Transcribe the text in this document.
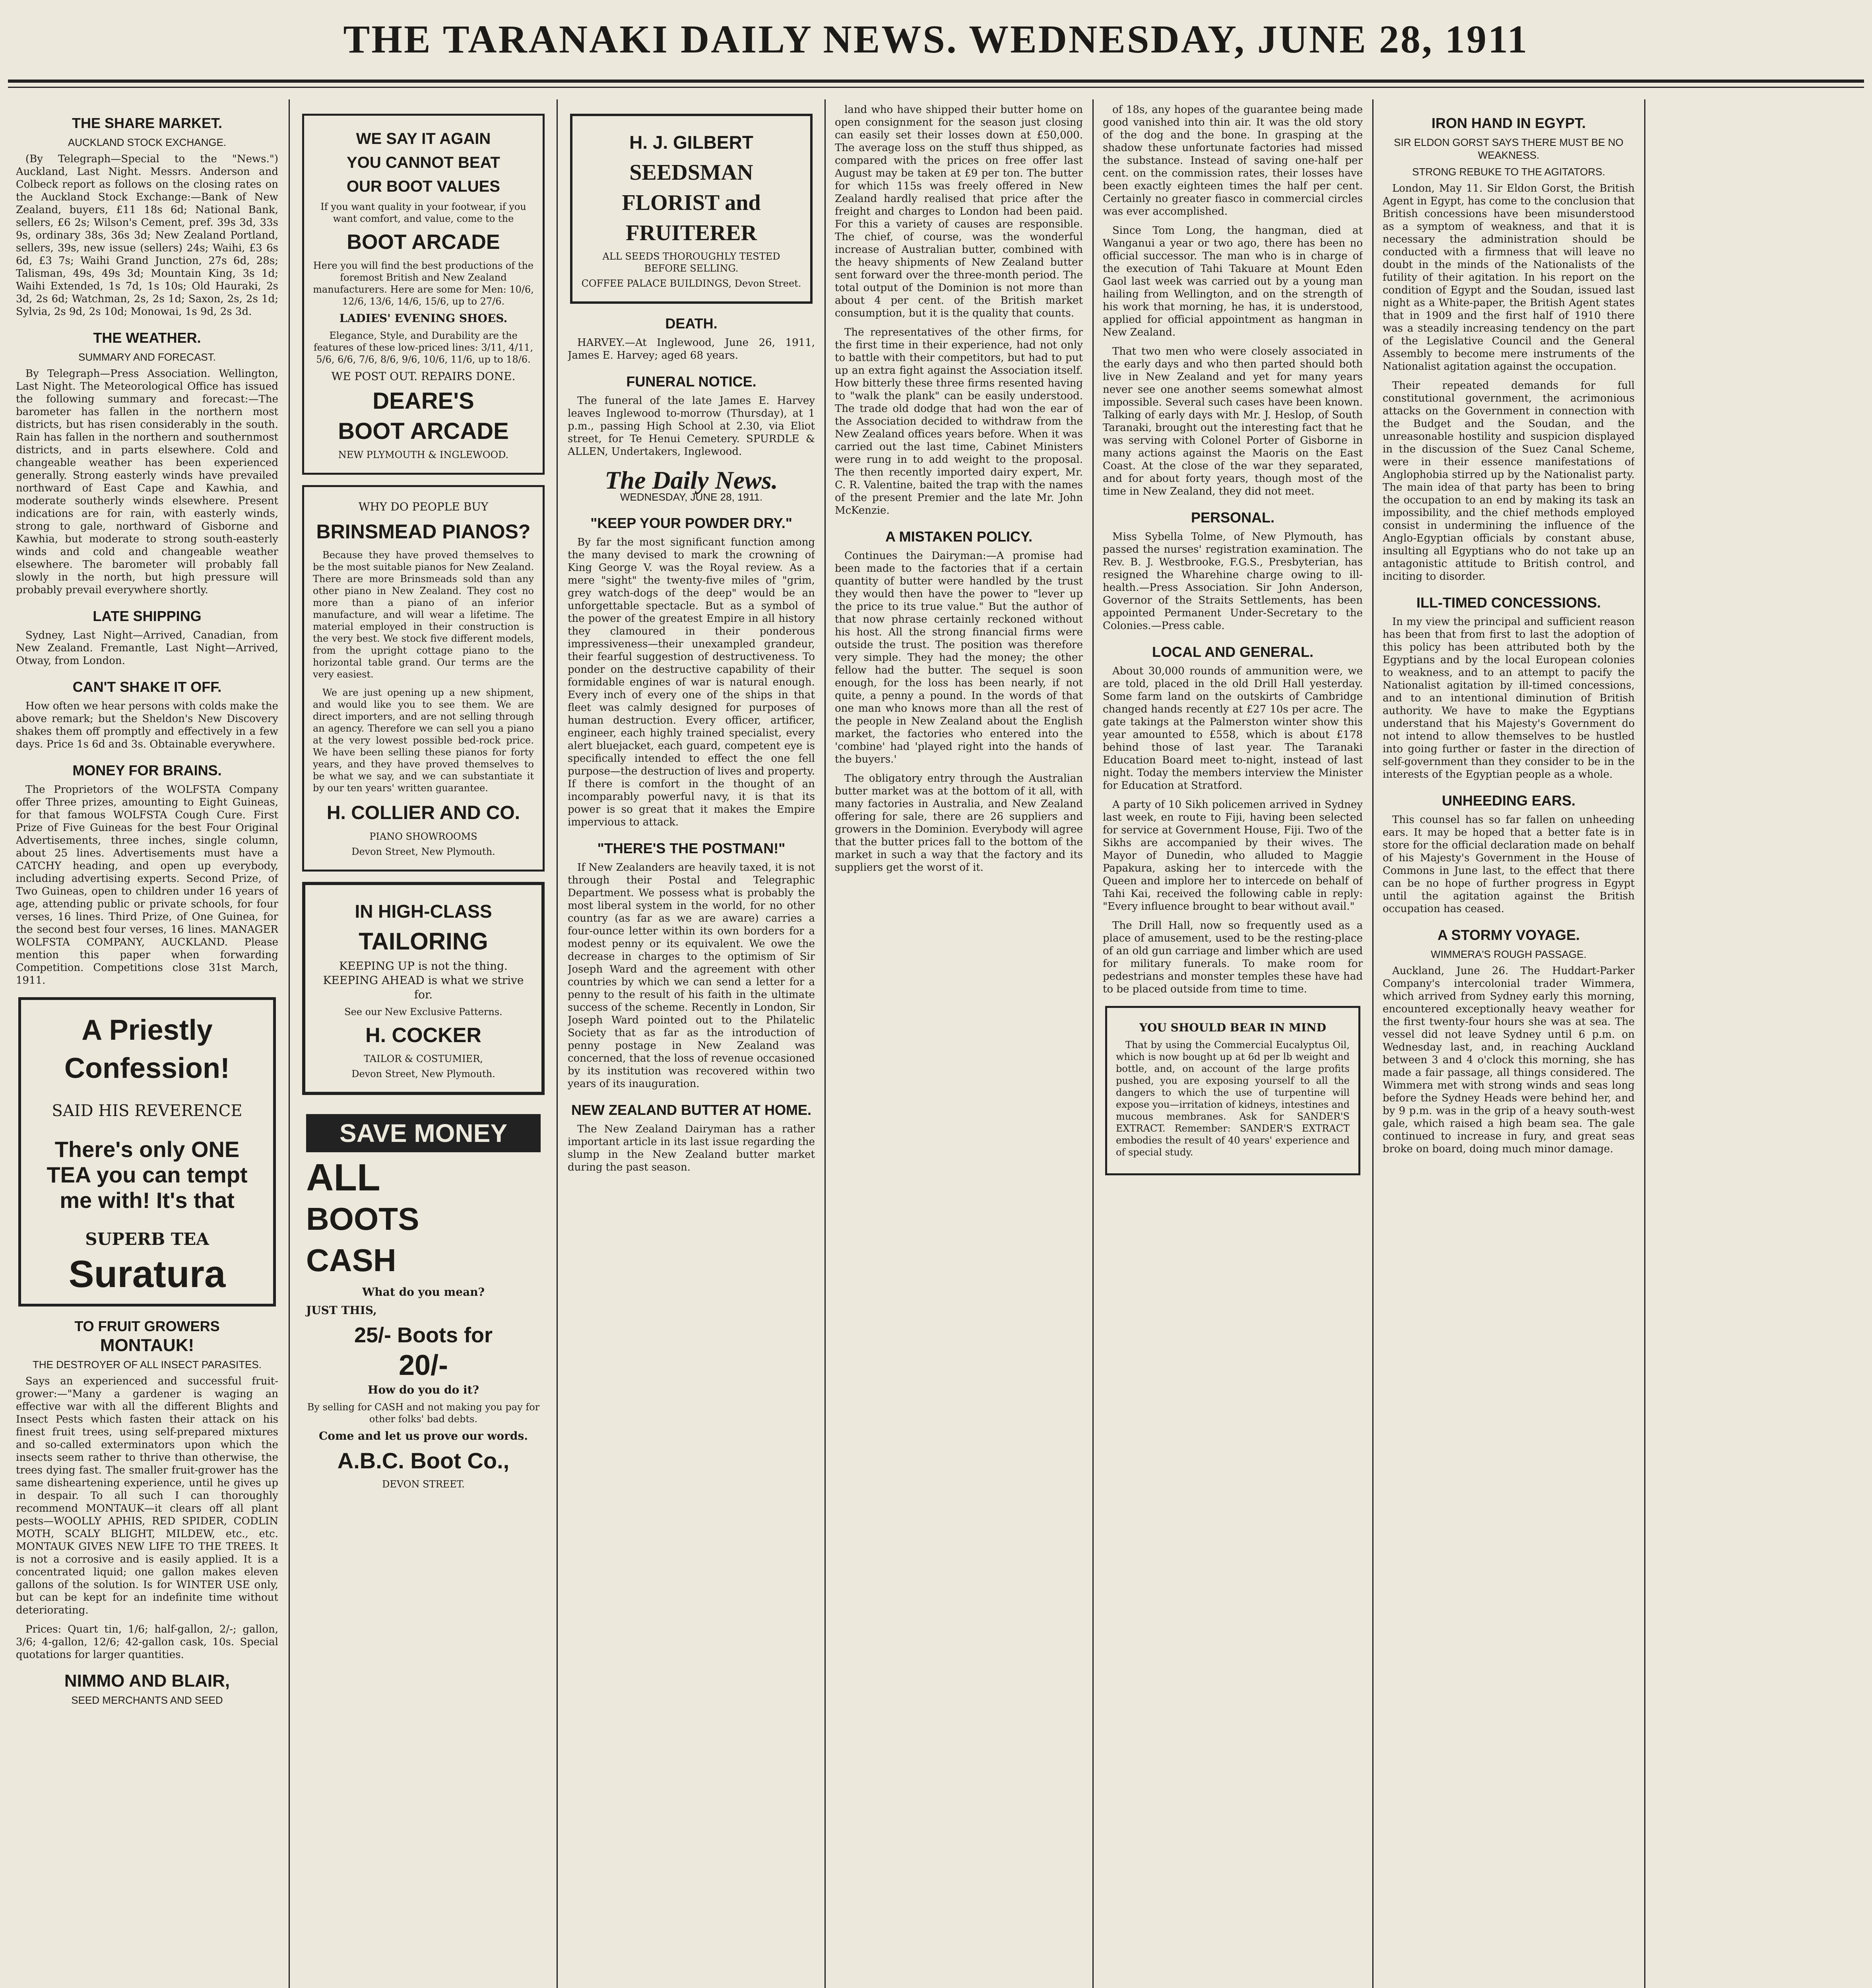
THE TARANAKI DAILY NEWS. WEDNESDAY, JUNE 28, 1911
THE SHARE MARKET.
AUCKLAND STOCK EXCHANGE.

(By Telegraph—Special to the "News.") Auckland, Last Night. Messrs. Anderson and Colbeck report as follows on the closing rates on the Auckland Stock Exchange:—Bank of New Zealand, buyers, £11 18s 6d; National Bank, sellers, £6 2s; Wilson's Cement, pref. 39s 3d, 33s 9s, ordinary 38s, 36s 3d; New Zealand Portland, sellers, 39s, new issue (sellers) 24s; Waihi, £3 6s 6d, £3 7s; Waihi Grand Junction, 27s 6d, 28s; Talisman, 49s, 49s 3d; Mountain King, 3s 1d; Waihi Extended, 1s 7d, 1s 10s; Old Hauraki, 2s 3d, 2s 6d; Watchman, 2s, 2s 1d; Saxon, 2s, 2s 1d; Sylvia, 2s 9d, 2s 10d; Monowai, 1s 9d, 2s 3d.

THE WEATHER.
SUMMARY AND FORECAST.

By Telegraph—Press Association. Wellington, Last Night. The Meteorological Office has issued the following summary and forecast:—The barometer has fallen in the northern most districts, but has risen considerably in the south. Rain has fallen in the northern and southernmost districts, and in parts elsewhere. Cold and changeable weather has been experienced generally. Strong easterly winds have prevailed northward of East Cape and Kawhia, and moderate southerly winds elsewhere. Present indications are for rain, with easterly winds, strong to gale, northward of Gisborne and Kawhia, but moderate to strong south-easterly winds and cold and changeable weather elsewhere. The barometer will probably fall slowly in the north, but high pressure will probably prevail everywhere shortly.

LATE SHIPPING

Sydney, Last Night—Arrived, Canadian, from New Zealand. Fremantle, Last Night—Arrived, Otway, from London.

CAN'T SHAKE IT OFF.

How often we hear persons with colds make the above remark; but the Sheldon's New Discovery shakes them off promptly and effectively in a few days. Price 1s 6d and 3s. Obtainable everywhere.

MONEY FOR BRAINS.

The Proprietors of the WOLFSTA Company offer Three prizes, amounting to Eight Guineas, for that famous WOLFSTA Cough Cure. First Prize of Five Guineas for the best Four Original Advertisements, three inches, single column, about 25 lines. Advertisements must have a CATCHY heading, and open up everybody, including advertising experts. Second Prize, of Two Guineas, open to children under 16 years of age, attending public or private schools, for four verses, 16 lines. Third Prize, of One Guinea, for the second best four verses, 16 lines. MANAGER WOLFSTA COMPANY, AUCKLAND. Please mention this paper when forwarding Competition. Competitions close 31st March, 1911.

A Priestly
Confession!
SAID HIS REVERENCE
There's only ONE TEA you can tempt me with! It's that
SUPERB TEA
Suratura
TO FRUIT GROWERS
MONTAUK!
THE DESTROYER OF ALL INSECT PARASITES.

Says an experienced and successful fruit-grower:—"Many a gardener is waging an effective war with all the different Blights and Insect Pests which fasten their attack on his finest fruit trees, using self-prepared mixtures and so-called exterminators upon which the insects seem rather to thrive than otherwise, the trees dying fast. The smaller fruit-grower has the same disheartening experience, until he gives up in despair. To all such I can thoroughly recommend MONTAUK—it clears off all plant pests—WOOLLY APHIS, RED SPIDER, CODLIN MOTH, SCALY BLIGHT, MILDEW, etc., etc. MONTAUK GIVES NEW LIFE TO THE TREES. It is not a corrosive and is easily applied. It is a concentrated liquid; one gallon makes eleven gallons of the solution. Is for WINTER USE only, but can be kept for an indefinite time without deteriorating.

Prices: Quart tin, 1/6; half-gallon, 2/-; gallon, 3/6; 4-gallon, 12/6; 42-gallon cask, 10s. Special quotations for larger quantities.

NIMMO AND BLAIR,
SEED MERCHANTS AND SEED
WE SAY IT AGAIN
YOU CANNOT BEAT
OUR BOOT VALUES
If you want quality in your footwear, if you want comfort, and value, come to the
BOOT ARCADE
Here you will find the best productions of the foremost British and New Zealand manufacturers. Here are some for Men: 10/6, 12/6, 13/6, 14/6, 15/6, up to 27/6.
LADIES' EVENING SHOES.
Elegance, Style, and Durability are the features of these low-priced lines: 3/11, 4/11, 5/6, 6/6, 7/6, 8/6, 9/6, 10/6, 11/6, up to 18/6.
WE POST OUT. REPAIRS DONE.
DEARE'S
BOOT ARCADE
NEW PLYMOUTH & INGLEWOOD.
WHY DO PEOPLE BUY
BRINSMEAD PIANOS?

Because they have proved themselves to be the most suitable pianos for New Zealand. There are more Brinsmeads sold than any other piano in New Zealand. They cost no more than a piano of an inferior manufacture, and will wear a lifetime. The material employed in their construction is the very best. We stock five different models, from the upright cottage piano to the horizontal table grand. Our terms are the very easiest.

We are just opening up a new shipment, and would like you to see them. We are direct importers, and are not selling through an agency. Therefore we can sell you a piano at the very lowest possible bed-rock price. We have been selling these pianos for forty years, and they have proved themselves to be what we say, and we can substantiate it by our ten years' written guarantee.

H. COLLIER AND CO.
PIANO SHOWROOMS
Devon Street, New Plymouth.
IN HIGH-CLASS
TAILORING
KEEPING UP is not the thing. KEEPING AHEAD is what we strive for.
See our New Exclusive Patterns.
H. COCKER
TAILOR & COSTUMIER,
Devon Street, New Plymouth.
SAVE MONEY
ALL
BOOTS
CASH
What do you mean?
JUST THIS,
25/- Boots for
20/-
How do you do it?
By selling for CASH and not making you pay for other folks' bad debts.
Come and let us prove our words.
A.B.C. Boot Co.,
DEVON STREET.
H. J. GILBERT
SEEDSMAN
FLORIST and
FRUITERER
ALL SEEDS THOROUGHLY TESTED BEFORE SELLING.
COFFEE PALACE BUILDINGS, Devon Street.
DEATH.

HARVEY.—At Inglewood, June 26, 1911, James E. Harvey; aged 68 years.

FUNERAL NOTICE.

The funeral of the late James E. Harvey leaves Inglewood to-morrow (Thursday), at 1 p.m., passing High School at 2.30, via Eliot street, for Te Henui Cemetery. SPURDLE & ALLEN, Undertakers, Inglewood.

The Daily News.
WEDNESDAY, JUNE 28, 1911.
"KEEP YOUR POWDER DRY."

By far the most significant function among the many devised to mark the crowning of King George V. was the Royal review. As a mere "sight" the twenty-five miles of "grim, grey watch-dogs of the deep" would be an unforgettable spectacle. But as a symbol of the power of the greatest Empire in all history they clamoured in their ponderous impressiveness—their unexampled grandeur, their fearful suggestion of destructiveness. To ponder on the destructive capability of their formidable engines of war is natural enough. Every inch of every one of the ships in that fleet was calmly designed for purposes of human destruction. Every officer, artificer, engineer, each highly trained specialist, every alert bluejacket, each guard, competent eye is specifically intended to effect the one fell purpose—the destruction of lives and property. If there is comfort in the thought of an incomparably powerful navy, it is that its power is so great that it makes the Empire impervious to attack.

"THERE'S THE POSTMAN!"

If New Zealanders are heavily taxed, it is not through their Postal and Telegraphic Department. We possess what is probably the most liberal system in the world, for no other country (as far as we are aware) carries a four-ounce letter within its own borders for a modest penny or its equivalent. We owe the decrease in charges to the optimism of Sir Joseph Ward and the agreement with other countries by which we can send a letter for a penny to the result of his faith in the ultimate success of the scheme. Recently in London, Sir Joseph Ward pointed out to the Philatelic Society that as far as the introduction of penny postage in New Zealand was concerned, that the loss of revenue occasioned by its institution was recovered within two years of its inauguration.

NEW ZEALAND BUTTER AT HOME.

The New Zealand Dairyman has a rather important article in its last issue regarding the slump in the New Zealand butter market during the past season.

land who have shipped their butter home on open consignment for the season just closing can easily set their losses down at £50,000. The average loss on the stuff thus shipped, as compared with the prices on free offer last August may be taken at £9 per ton. The butter for which 115s was freely offered in New Zealand hardly realised that price after the freight and charges to London had been paid. For this a variety of causes are responsible. The chief, of course, was the wonderful increase of Australian butter, combined with the heavy shipments of New Zealand butter sent forward over the three-month period. The total output of the Dominion is not more than about 4 per cent. of the British market consumption, but it is the quality that counts.

The representatives of the other firms, for the first time in their experience, had not only to battle with their competitors, but had to put up an extra fight against the Association itself. How bitterly these three firms resented having to "walk the plank" can be easily understood. The trade old dodge that had won the ear of the Association decided to withdraw from the New Zealand offices years before. When it was carried out the last time, Cabinet Ministers were rung in to add weight to the proposal. The then recently imported dairy expert, Mr. C. R. Valentine, baited the trap with the names of the present Premier and the late Mr. John McKenzie.

A MISTAKEN POLICY.

Continues the Dairyman:—A promise had been made to the factories that if a certain quantity of butter were handled by the trust they would then have the power to "lever up the price to its true value." But the author of that now phrase certainly reckoned without his host. All the strong financial firms were outside the trust. The position was therefore very simple. They had the money; the other fellow had the butter. The sequel is soon enough, for the loss has been nearly, if not quite, a penny a pound. In the words of that one man who knows more than all the rest of the people in New Zealand about the English market, the factories who entered into the 'combine' had 'played right into the hands of the buyers.'

The obligatory entry through the Australian butter market was at the bottom of it all, with many factories in Australia, and New Zealand offering for sale, there are 26 suppliers and growers in the Dominion. Everybody will agree that the butter prices fall to the bottom of the market in such a way that the factory and its suppliers get the worst of it.

of 18s, any hopes of the guarantee being made good vanished into thin air. It was the old story of the dog and the bone. In grasping at the shadow these unfortunate factories had missed the substance. Instead of saving one-half per cent. on the commission rates, their losses have been exactly eighteen times the half per cent. Certainly no greater fiasco in commercial circles was ever accomplished.

Since Tom Long, the hangman, died at Wanganui a year or two ago, there has been no official successor. The man who is in charge of the execution of Tahi Takuare at Mount Eden Gaol last week was carried out by a young man hailing from Wellington, and on the strength of his work that morning, he has, it is understood, applied for official appointment as hangman in New Zealand.

That two men who were closely associated in the early days and who then parted should both live in New Zealand and yet for many years never see one another seems somewhat almost impossible. Several such cases have been known. Talking of early days with Mr. J. Heslop, of South Taranaki, brought out the interesting fact that he was serving with Colonel Porter of Gisborne in many actions against the Maoris on the East Coast. At the close of the war they separated, and for about forty years, though most of the time in New Zealand, they did not meet.

PERSONAL.

Miss Sybella Tolme, of New Plymouth, has passed the nurses' registration examination. The Rev. B. J. Westbrooke, F.G.S., Presbyterian, has resigned the Wharehine charge owing to ill-health.—Press Association. Sir John Anderson, Governor of the Straits Settlements, has been appointed Permanent Under-Secretary to the Colonies.—Press cable.

LOCAL AND GENERAL.

About 30,000 rounds of ammunition were, we are told, placed in the old Drill Hall yesterday. Some farm land on the outskirts of Cambridge changed hands recently at £27 10s per acre. The gate takings at the Palmerston winter show this year amounted to £558, which is about £178 behind those of last year. The Taranaki Education Board meet to-night, instead of last night. Today the members interview the Minister for Education at Stratford.

A party of 10 Sikh policemen arrived in Sydney last week, en route to Fiji, having been selected for service at Government House, Fiji. Two of the Sikhs are accompanied by their wives. The Mayor of Dunedin, who alluded to Maggie Papakura, asking her to intercede with the Queen and implore her to intercede on behalf of Tahi Kai, received the following cable in reply: "Every influence brought to bear without avail."

The Drill Hall, now so frequently used as a place of amusement, used to be the resting-place of an old gun carriage and limber which are used for military funerals. To make room for pedestrians and monster temples these have had to be placed outside from time to time.

YOU SHOULD BEAR IN MIND

That by using the Commercial Eucalyptus Oil, which is now bought up at 6d per lb weight and bottle, and, on account of the large profits pushed, you are exposing yourself to all the dangers to which the use of turpentine will expose you—irritation of kidneys, intestines and mucous membranes. Ask for SANDER'S EXTRACT. Remember: SANDER'S EXTRACT embodies the result of 40 years' experience and of special study.

IRON HAND IN EGYPT.
SIR ELDON GORST SAYS THERE MUST BE NO WEAKNESS.
STRONG REBUKE TO THE AGITATORS.

London, May 11. Sir Eldon Gorst, the British Agent in Egypt, has come to the conclusion that British concessions have been misunderstood as a symptom of weakness, and that it is necessary the administration should be conducted with a firmness that will leave no doubt in the minds of the Nationalists of the futility of their agitation. In his report on the condition of Egypt and the Soudan, issued last night as a White-paper, the British Agent states that in 1909 and the first half of 1910 there was a steadily increasing tendency on the part of the Legislative Council and the General Assembly to become mere instruments of the Nationalist agitation against the occupation.

Their repeated demands for full constitutional government, the acrimonious attacks on the Government in connection with the Budget and the Soudan, and the unreasonable hostility and suspicion displayed in the discussion of the Suez Canal Scheme, were in their essence manifestations of Anglophobia stirred up by the Nationalist party. The main idea of that party has been to bring the occupation to an end by making its task an impossibility, and the chief methods employed consist in undermining the influence of the Anglo-Egyptian officials by constant abuse, insulting all Egyptians who do not take up an antagonistic attitude to British control, and inciting to disorder.

ILL-TIMED CONCESSIONS.

In my view the principal and sufficient reason has been that from first to last the adoption of this policy has been attributed both by the Egyptians and by the local European colonies to weakness, and to an attempt to pacify the Nationalist agitation by ill-timed concessions, and to an intentional diminution of British authority. We have to make the Egyptians understand that his Majesty's Government do not intend to allow themselves to be hustled into going further or faster in the direction of self-government than they consider to be in the interests of the Egyptian people as a whole.

UNHEEDING EARS.

This counsel has so far fallen on unheeding ears. It may be hoped that a better fate is in store for the official declaration made on behalf of his Majesty's Government in the House of Commons in June last, to the effect that there can be no hope of further progress in Egypt until the agitation against the British occupation has ceased.

A STORMY VOYAGE.
WIMMERA'S ROUGH PASSAGE.

Auckland, June 26. The Huddart-Parker Company's intercolonial trader Wimmera, which arrived from Sydney early this morning, encountered exceptionally heavy weather for the first twenty-four hours she was at sea. The vessel did not leave Sydney until 6 p.m. on Wednesday last, and, in reaching Auckland between 3 and 4 o'clock this morning, she has made a fair passage, all things considered. The Wimmera met with strong winds and seas long before the Sydney Heads were behind her, and by 9 p.m. was in the grip of a heavy south-west gale, which raised a high beam sea. The gale continued to increase in fury, and great seas broke on board, doing much minor damage.
